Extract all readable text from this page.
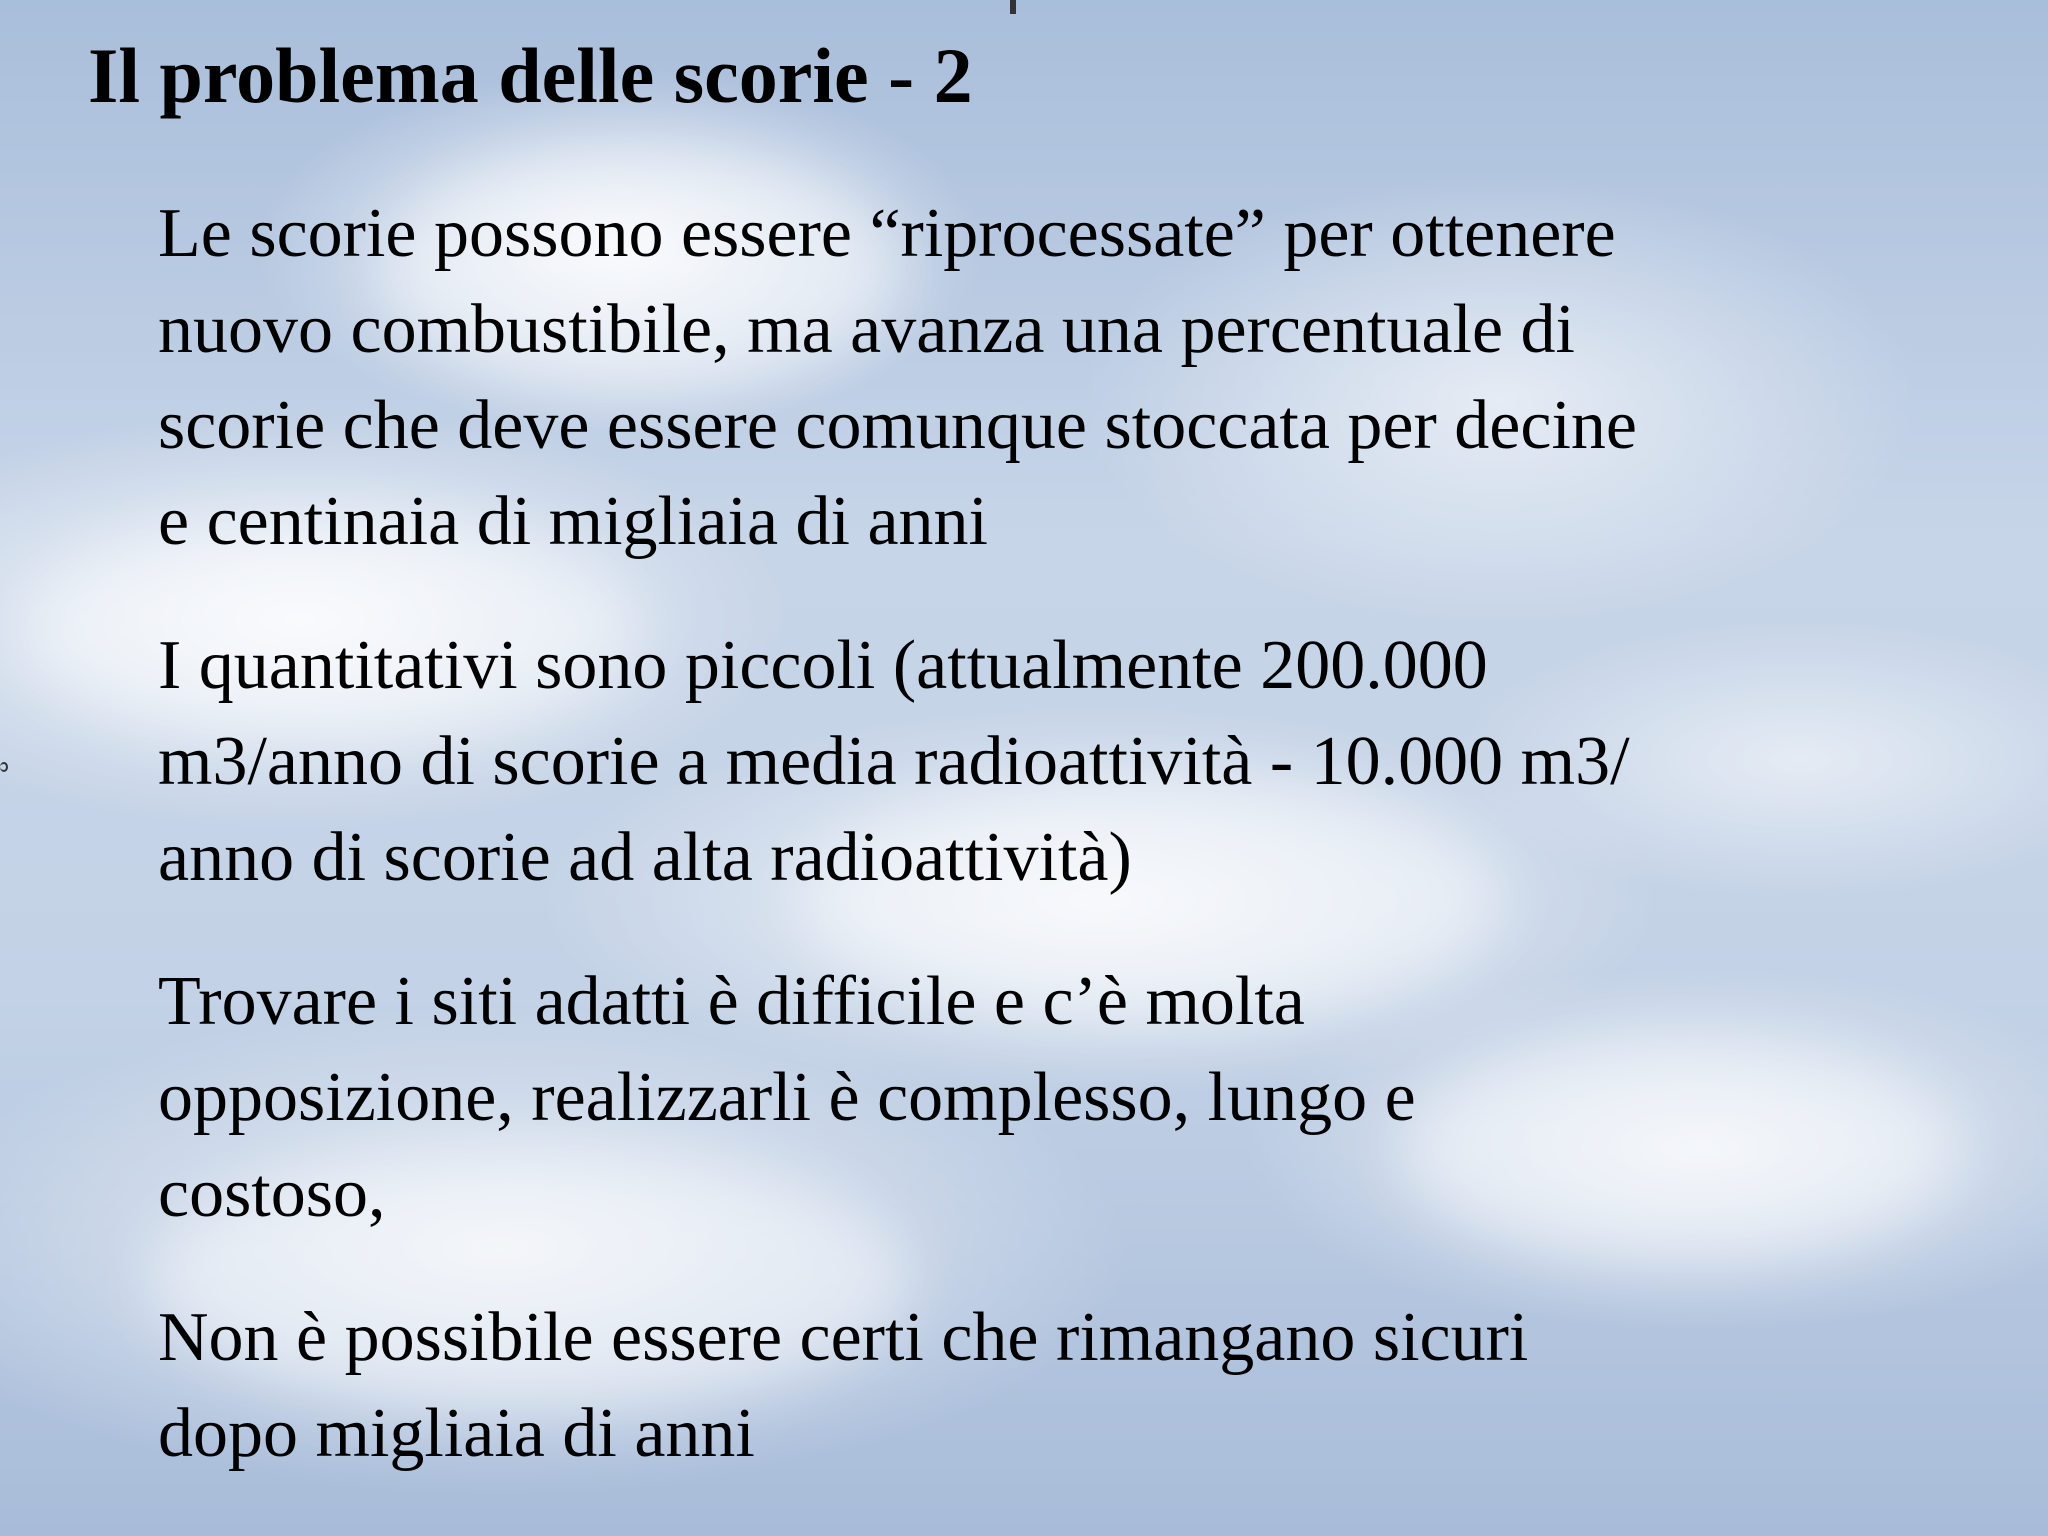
Il problema delle scorie - 2

Le scorie possono essere “riprocessate” per ottenere
nuovo combustibile, ma avanza una percentuale di
scorie che deve essere comunque stoccata per decine
e centinaia di migliaia di anni

I quantitativi sono piccoli (attualmente 200.000
m3/anno di scorie a media radioattività - 10.000 m3/
anno di scorie ad alta radioattività)

Trovare i siti adatti è difficile e c’è molta
opposizione, realizzarli è complesso, lungo e
costoso,

Non è possibile essere certi che rimangano sicuri
dopo migliaia di anni
